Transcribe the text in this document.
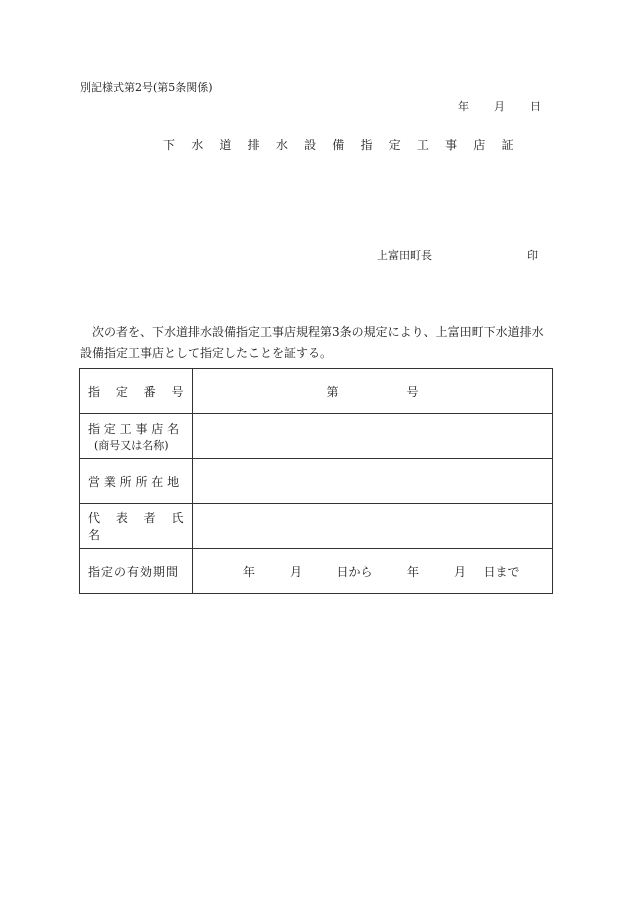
別記様式第2号(第5条関係)
年 月 日
下 水 道 排 水 設 備 指 定 工 事 店 証
上富田町長	印
次の者を、下水道排水設備指定工事店規程第3条の規定により、上富田町下水道排水設備指定工事店として指定したことを証する。
指 定 番 号	第 号

指 定 工 事 店 名
(商号又は名称)	

営 業 所 所 在 地	
代 表 者 氏 名	
指定の有効期間	年 月 日から 年 月 日まで
